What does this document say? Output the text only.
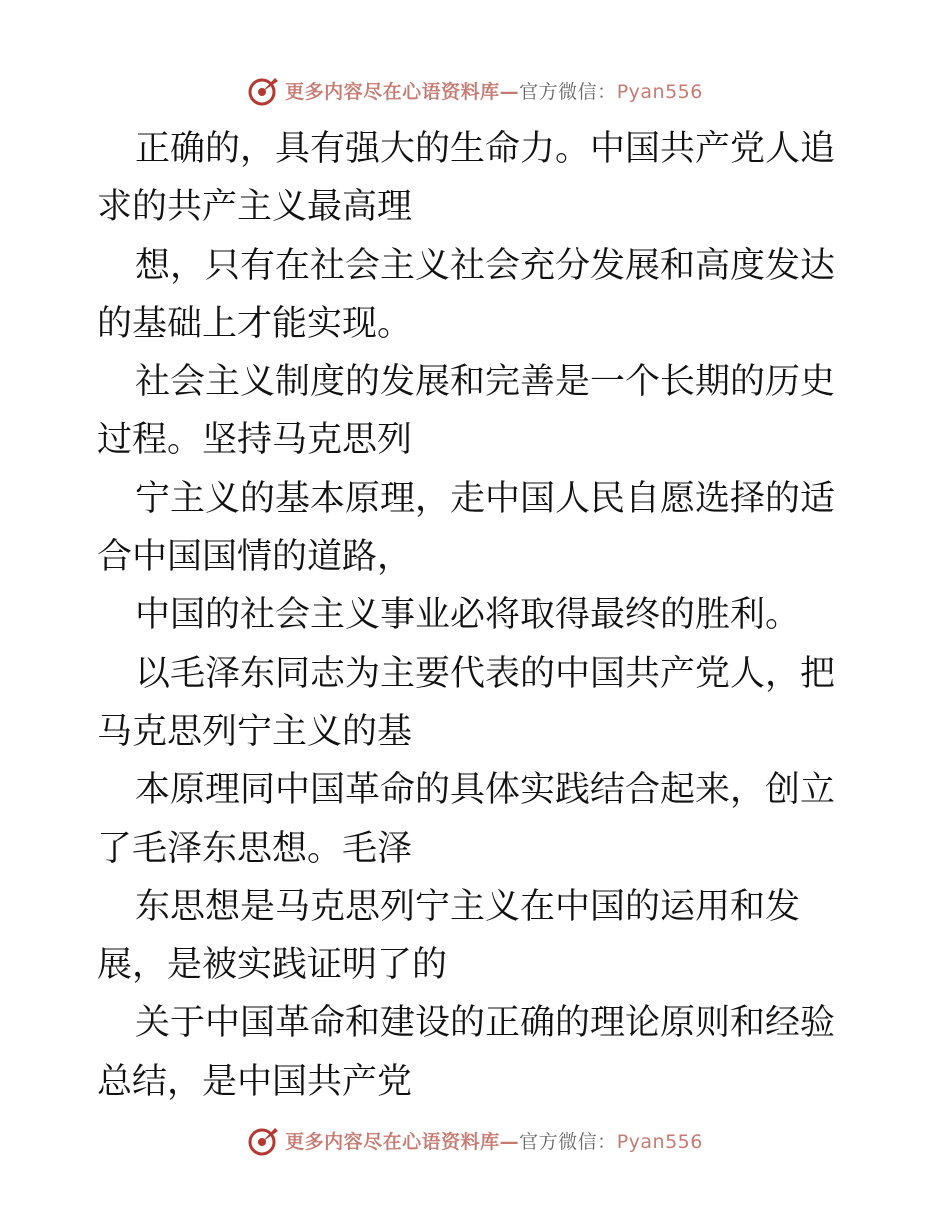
更多内容尽在心语资料库—官方微信：Pyan556

正确的，具有强大的生命力。中国共产党人追求的共产主义最高理

想，只有在社会主义社会充分发展和高度发达的基础上才能实现。

社会主义制度的发展和完善是一个长期的历史过程。坚持马克思列

宁主义的基本原理，走中国人民自愿选择的适合中国国情的道路，

中国的社会主义事业必将取得最终的胜利。

以毛泽东同志为主要代表的中国共产党人，把马克思列宁主义的基

本原理同中国革命的具体实践结合起来，创立了毛泽东思想。毛泽

东思想是马克思列宁主义在中国的运用和发展，是被实践证明了的

关于中国革命和建设的正确的理论原则和经验总结，是中国共产党

更多内容尽在心语资料库—官方微信：Pyan556
